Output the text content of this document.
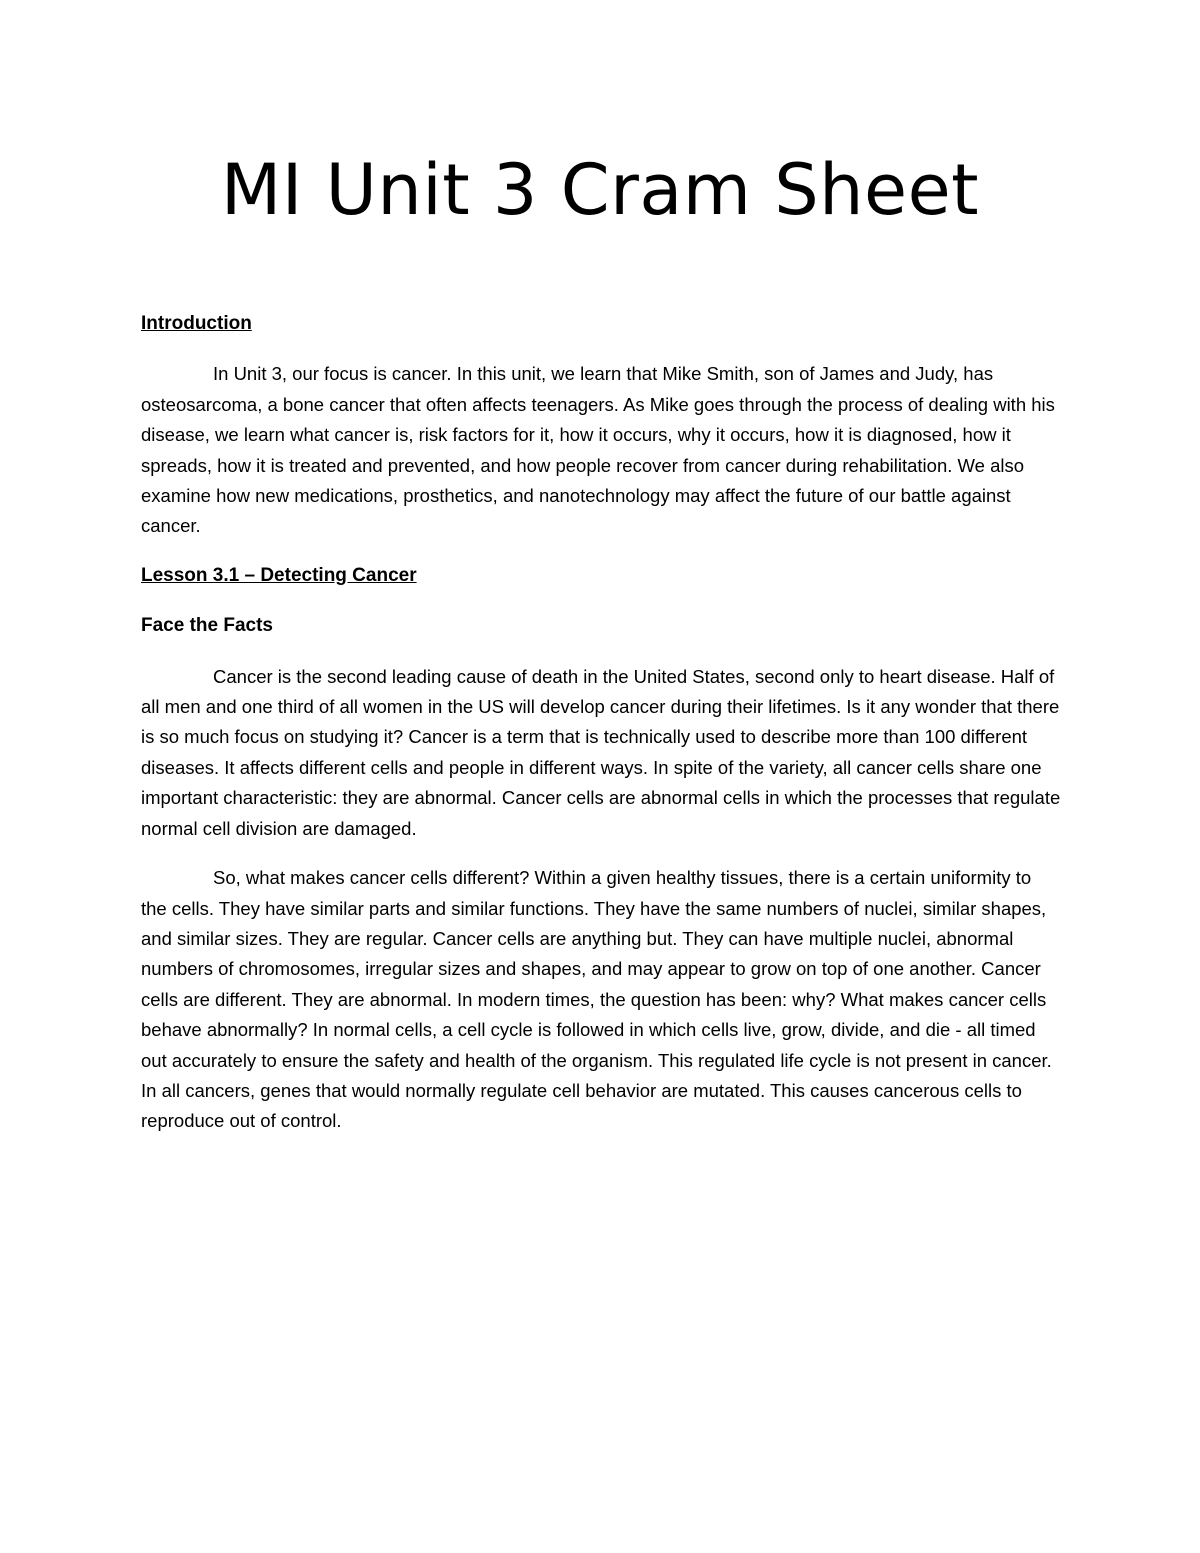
MI Unit 3 Cram Sheet

Introduction

In Unit 3, our focus is cancer. In this unit, we learn that Mike Smith, son of James and Judy, has osteosarcoma, a bone cancer that often affects teenagers. As Mike goes through the process of dealing with his disease, we learn what cancer is, risk factors for it, how it occurs, why it occurs, how it is diagnosed, how it spreads, how it is treated and prevented, and how people recover from cancer during rehabilitation. We also examine how new medications, prosthetics, and nanotechnology may affect the future of our battle against cancer.

Lesson 3.1 – Detecting Cancer

Face the Facts

Cancer is the second leading cause of death in the United States, second only to heart disease. Half of all men and one third of all women in the US will develop cancer during their lifetimes. Is it any wonder that there is so much focus on studying it? Cancer is a term that is technically used to describe more than 100 different diseases. It affects different cells and people in different ways. In spite of the variety, all cancer cells share one important characteristic: they are abnormal. Cancer cells are abnormal cells in which the processes that regulate normal cell division are damaged.

So, what makes cancer cells different? Within a given healthy tissues, there is a certain uniformity to the cells. They have similar parts and similar functions. They have the same numbers of nuclei, similar shapes, and similar sizes. They are regular. Cancer cells are anything but. They can have multiple nuclei, abnormal numbers of chromosomes, irregular sizes and shapes, and may appear to grow on top of one another. Cancer cells are different. They are abnormal. In modern times, the question has been: why? What makes cancer cells behave abnormally? In normal cells, a cell cycle is followed in which cells live, grow, divide, and die - all timed out accurately to ensure the safety and health of the organism. This regulated life cycle is not present in cancer. In all cancers, genes that would normally regulate cell behavior are mutated. This causes cancerous cells to reproduce out of control.
